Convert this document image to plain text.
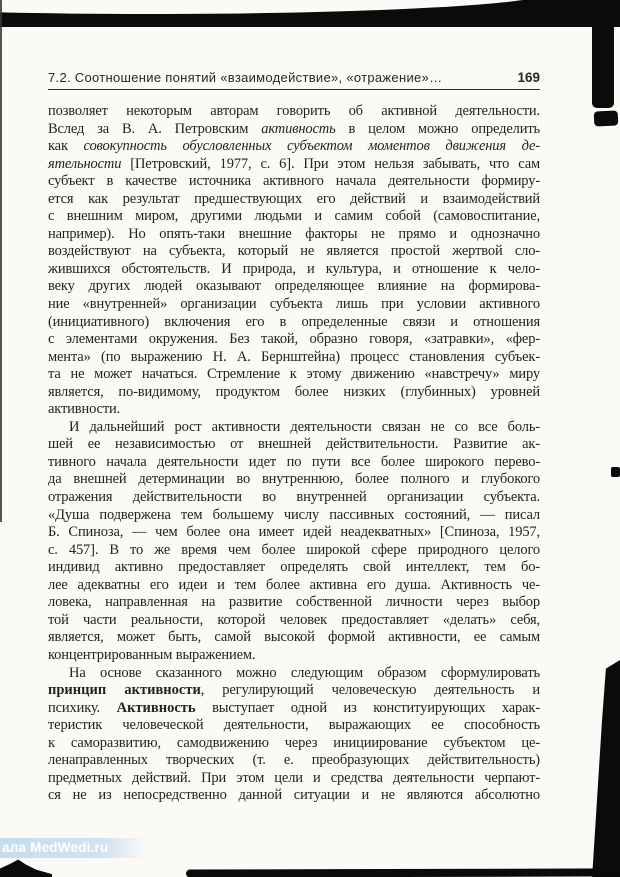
7.2. Соотношение понятий «взаимодействие», «отражение»…	169
позволяет некоторым авторам говорить об активной деятельности.
Вслед за В. А. Петровским активность в целом можно определить
как совокупность обусловленных субъектом моментов движения де-
ятельности [Петровский, 1977, с. 6]. При этом нельзя забывать, что сам
субъект в качестве источника активного начала деятельности формиру-
ется как результат предшествующих его действий и взаимодействий
с внешним миром, другими людьми и самим собой (самовоспитание,
например). Но опять-таки внешние факторы не прямо и однозначно
воздействуют на субъекта, который не является простой жертвой сло-
жившихся обстоятельств. И природа, и культура, и отношение к чело-
веку других людей оказывают определяющее влияние на формирова-
ние «внутренней» организации субъекта лишь при условии активного
(инициативного) включения его в определенные связи и отношения
с элементами окружения. Без такой, образно говоря, «затравки», «фер-
мента» (по выражению Н. А. Бернштейна) процесс становления субъек-
та не может начаться. Стремление к этому движению «навстречу» миру
является, по-видимому, продуктом более низких (глубинных) уровней
активности.
И дальнейший рост активности деятельности связан не со все боль-
шей ее независимостью от внешней действительности. Развитие ак-
тивного начала деятельности идет по пути все более широкого перево-
да внешней детерминации во внутреннюю, более полного и глубокого
отражения действительности во внутренней организации субъекта.
«Душа подвержена тем большему числу пассивных состояний, — писал
Б. Спиноза, — чем более она имеет идей неадекватных» [Спиноза, 1957,
с. 457]. В то же время чем более широкой сфере природного целого
индивид активно предоставляет определять свой интеллект, тем бо-
лее адекватны его идеи и тем более активна его душа. Активность че-
ловека, направленная на развитие собственной личности через выбор
той части реальности, которой человек предоставляет «делать» себя,
является, может быть, самой высокой формой активности, ее самым
концентрированным выражением.
На основе сказанного можно следующим образом сформулировать
принцип активности, регулирующий человеческую деятельность и
психику. Активность выступает одной из конституирующих харак-
теристик человеческой деятельности, выражающих ее способность
к саморазвитию, самодвижению через инициирование субъектом це-
ленаправленных творческих (т. е. преобразующих действительность)
предметных действий. При этом цели и средства деятельности черпают-
ся не из непосредственно данной ситуации и не являются абсолютно
ала MedWedi.ru
